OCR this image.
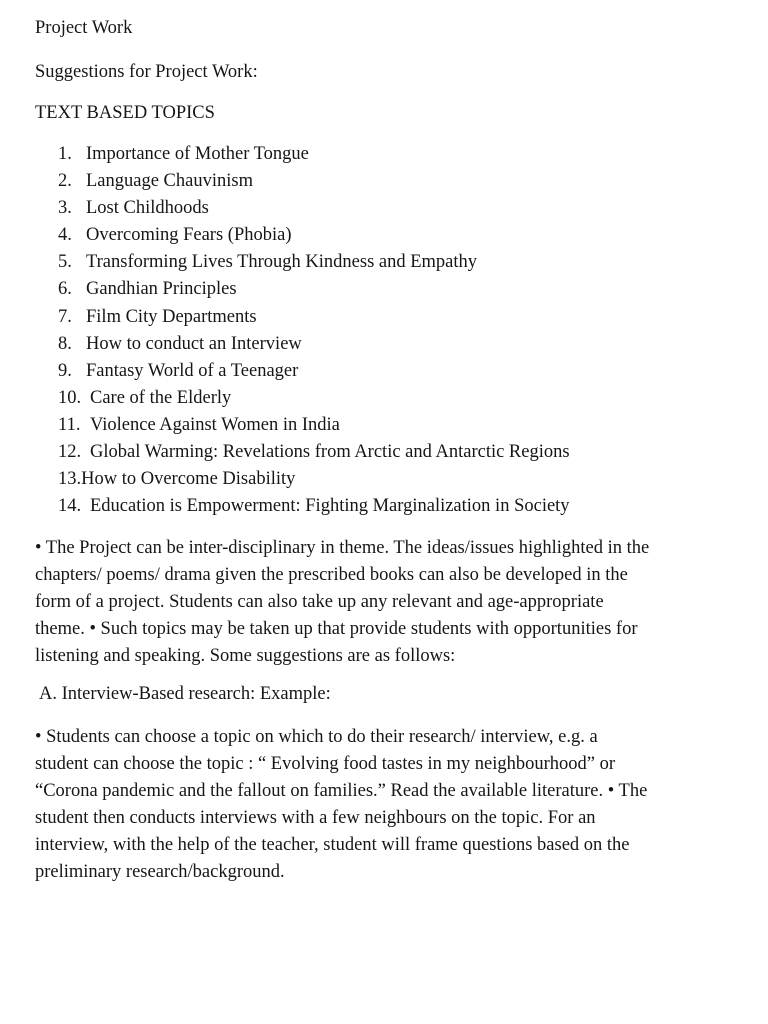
Project Work
Suggestions for Project Work:
TEXT BASED TOPICS
1. Importance of Mother Tongue
2. Language Chauvinism
3. Lost Childhoods
4. Overcoming Fears (Phobia)
5. Transforming Lives Through Kindness and Empathy
6. Gandhian Principles
7. Film City Departments
8. How to conduct an Interview
9. Fantasy World of a Teenager
10. Care of the Elderly
11. Violence Against Women in India
12. Global Warming: Revelations from Arctic and Antarctic Regions
13.How to Overcome Disability
14. Education is Empowerment: Fighting Marginalization in Society

• The Project can be inter-disciplinary in theme. The ideas/issues highlighted in the
chapters/ poems/ drama given the prescribed books can also be developed in the
form of a project. Students can also take up any relevant and age-appropriate
theme. • Such topics may be taken up that provide students with opportunities for
listening and speaking. Some suggestions are as follows:

A. Interview-Based research: Example:

• Students can choose a topic on which to do their research/ interview, e.g. a
student can choose the topic : “ Evolving food tastes in my neighbourhood” or
“Corona pandemic and the fallout on families.” Read the available literature. • The
student then conducts interviews with a few neighbours on the topic. For an
interview, with the help of the teacher, student will frame questions based on the
preliminary research/background.
